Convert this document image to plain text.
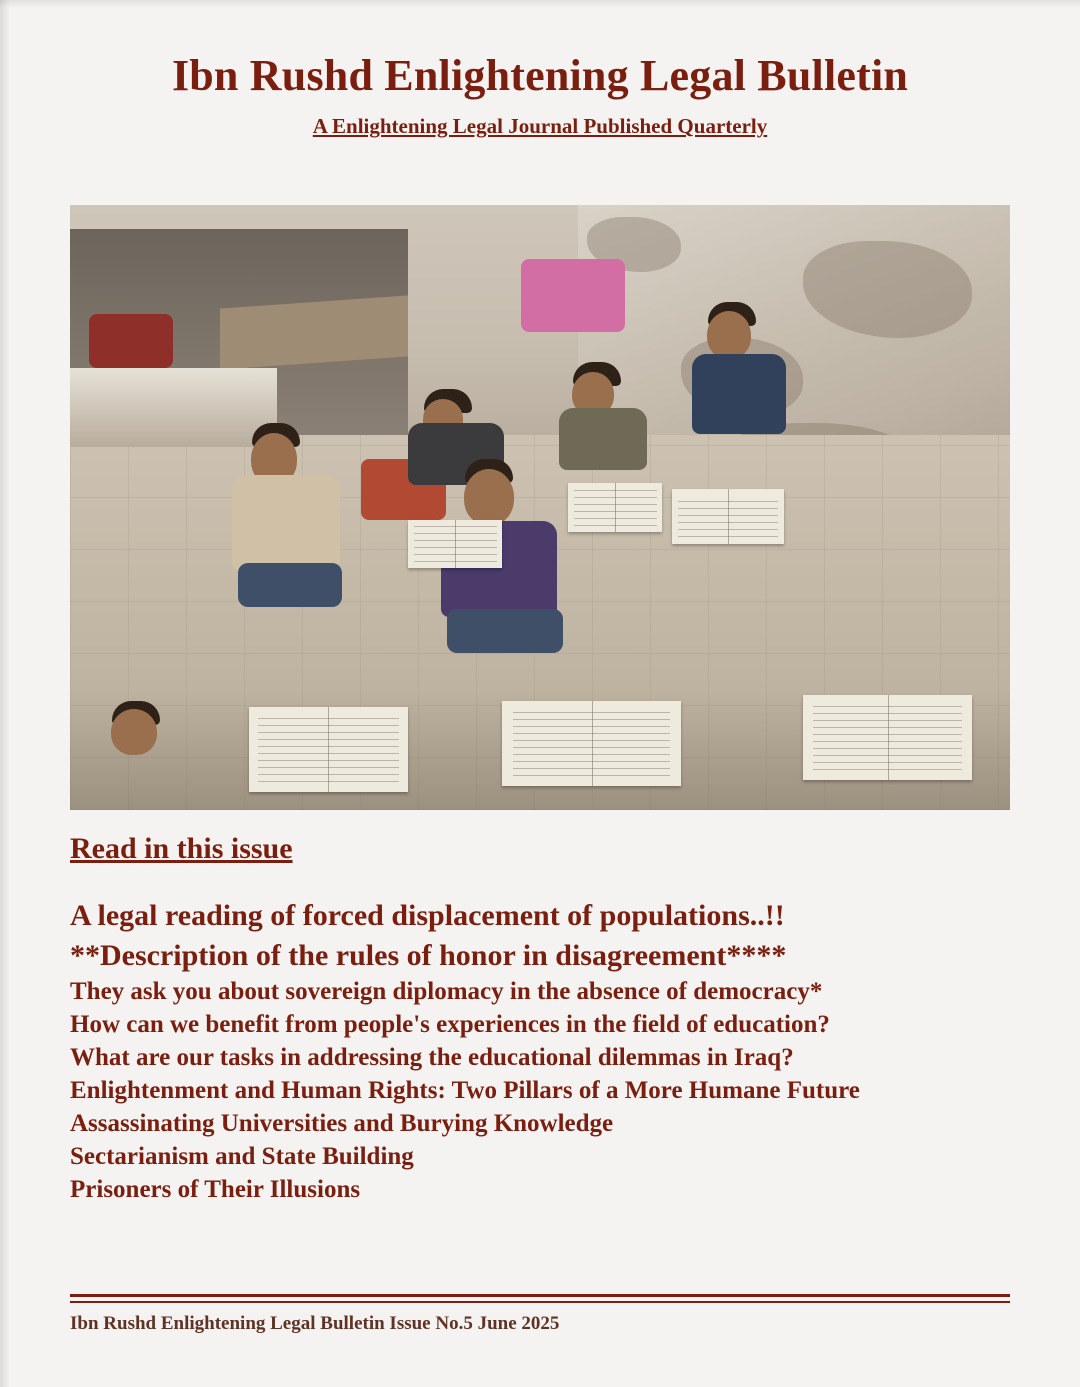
Ibn Rushd Enlightening Legal Bulletin
A Enlightening Legal Journal Published Quarterly
Read in this issue
A legal reading of forced displacement of populations..!!
**Description of the rules of honor in disagreement****
They ask you about sovereign diplomacy in the absence of democracy*
How can we benefit from people's experiences in the field of education?
What are our tasks in addressing the educational dilemmas in Iraq?
Enlightenment and Human Rights: Two Pillars of a More Humane Future
Assassinating Universities and Burying Knowledge
Sectarianism and State Building
Prisoners of Their Illusions
Ibn Rushd Enlightening Legal Bulletin Issue No.5 June 2025
